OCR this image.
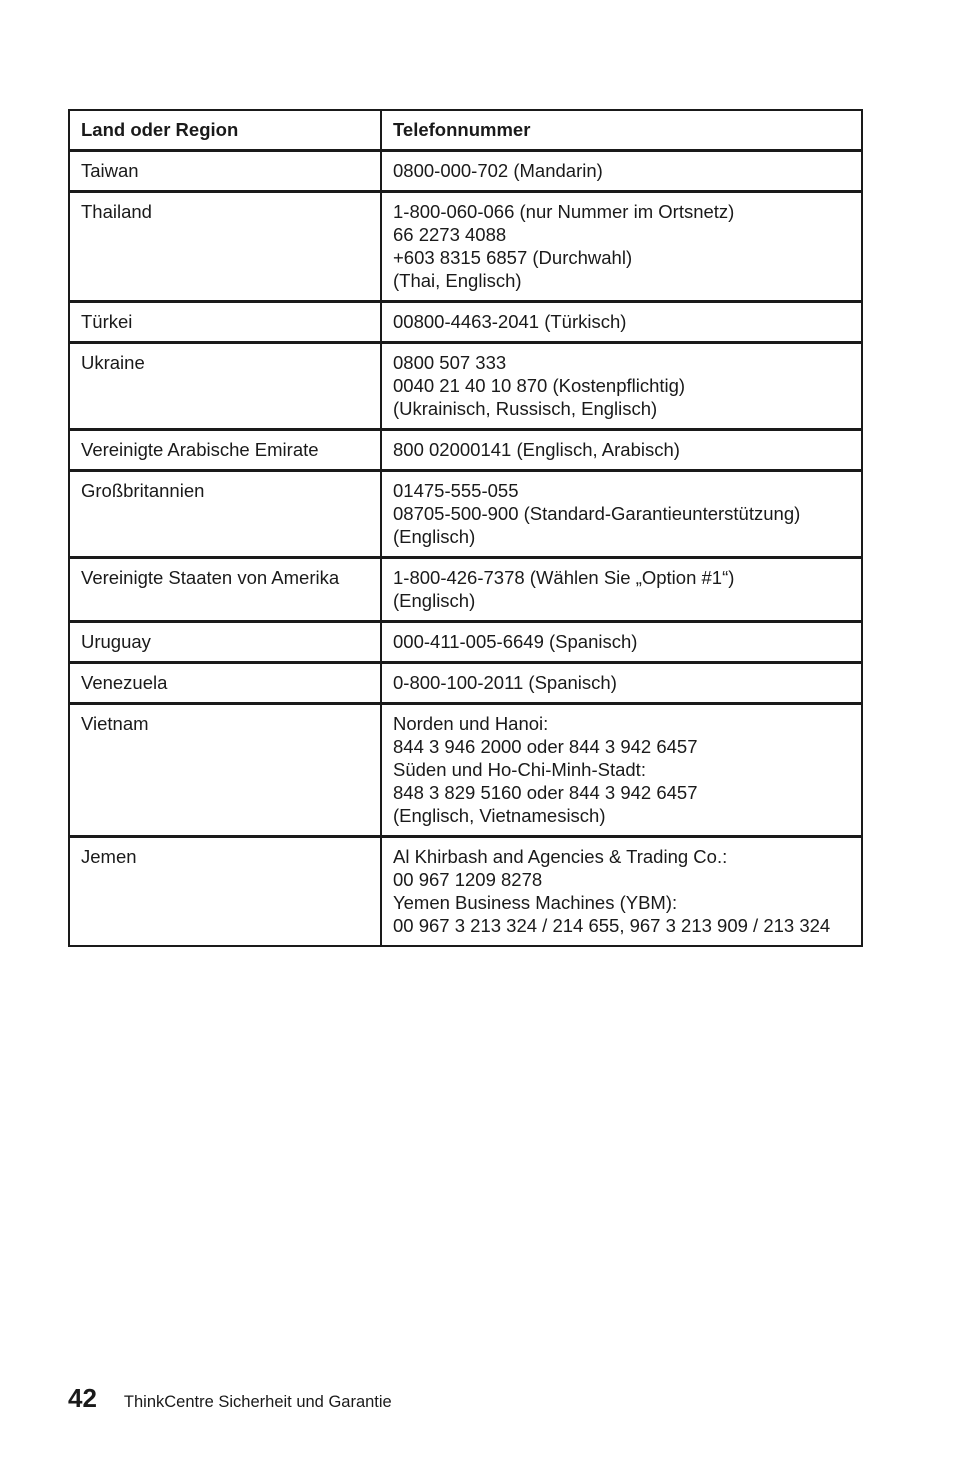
Land oder Region	Telefonnummer
Taiwan	0800-000-702 (Mandarin)

Thailand	1-800-060-066 (nur Nummer im Ortsnetz)
66 2273 4088
+603 8315 6857 (Durchwahl)
(Thai, Englisch)

Türkei	00800-4463-2041 (Türkisch)

Ukraine	0800 507 333
0040 21 40 10 870 (Kostenpflichtig)
(Ukrainisch, Russisch, Englisch)

Vereinigte Arabische Emirate	800 02000141 (Englisch, Arabisch)

Großbritannien	01475-555-055
08705-500-900 (Standard-Garantieunterstützung)
(Englisch)

Vereinigte Staaten von Amerika	1-800-426-7378 (Wählen Sie „Option #1“)
(Englisch)

Uruguay	000-411-005-6649 (Spanisch)

Venezuela	0-800-100-2011 (Spanisch)

Vietnam	Norden und Hanoi:
844 3 946 2000 oder 844 3 942 6457
Süden und Ho-Chi-Minh-Stadt:
848 3 829 5160 oder 844 3 942 6457
(Englisch, Vietnamesisch)

Jemen	Al Khirbash and Agencies & Trading Co.:
00 967 1209 8278
Yemen Business Machines (YBM):
00 967 3 213 324 / 214 655, 967 3 213 909 / 213 324
42 ThinkCentre Sicherheit und Garantie
